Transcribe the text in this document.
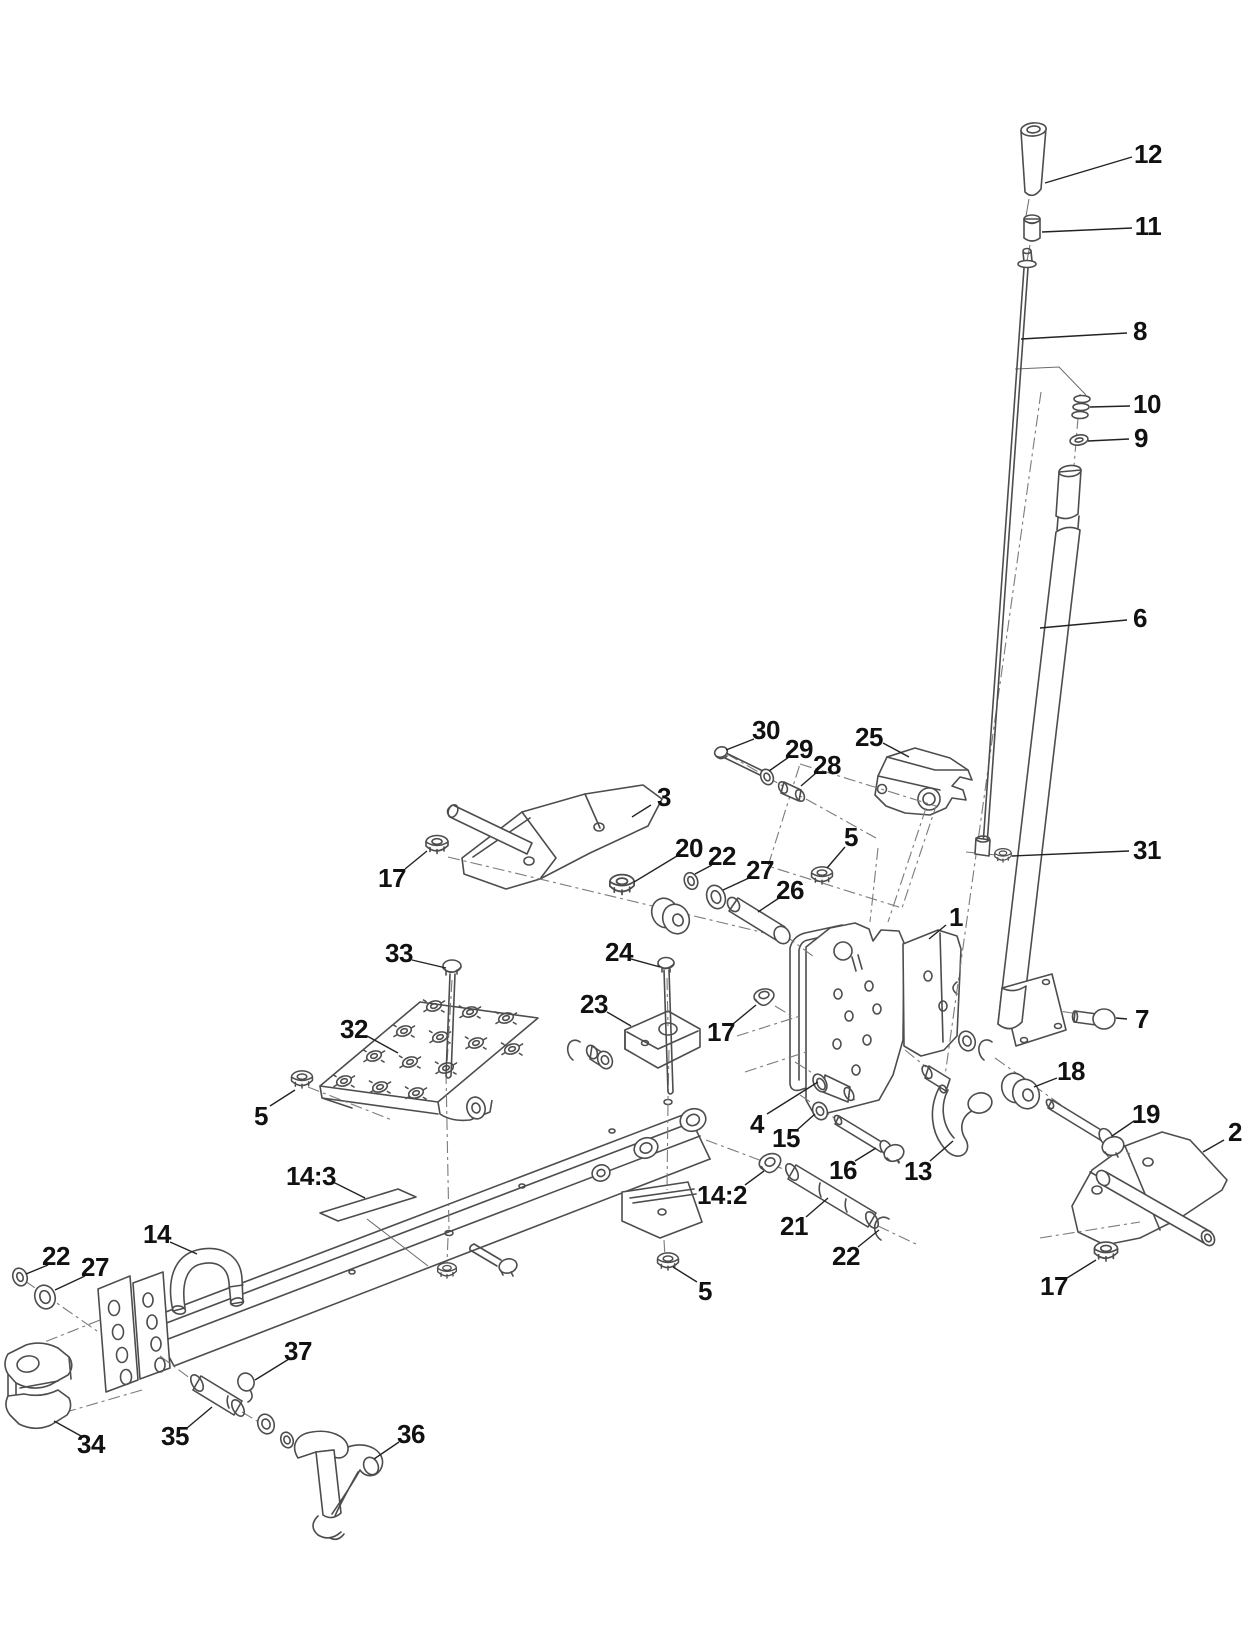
12
11
8
10
9
6
31
7
18
19
2
17
13
16
15
4
14:2
21
22
5
1
25
30
29
28
3
20 22 27
26
5
17
33	24
23
17
32
5
14:3
14
22 27
34 35
37
36
